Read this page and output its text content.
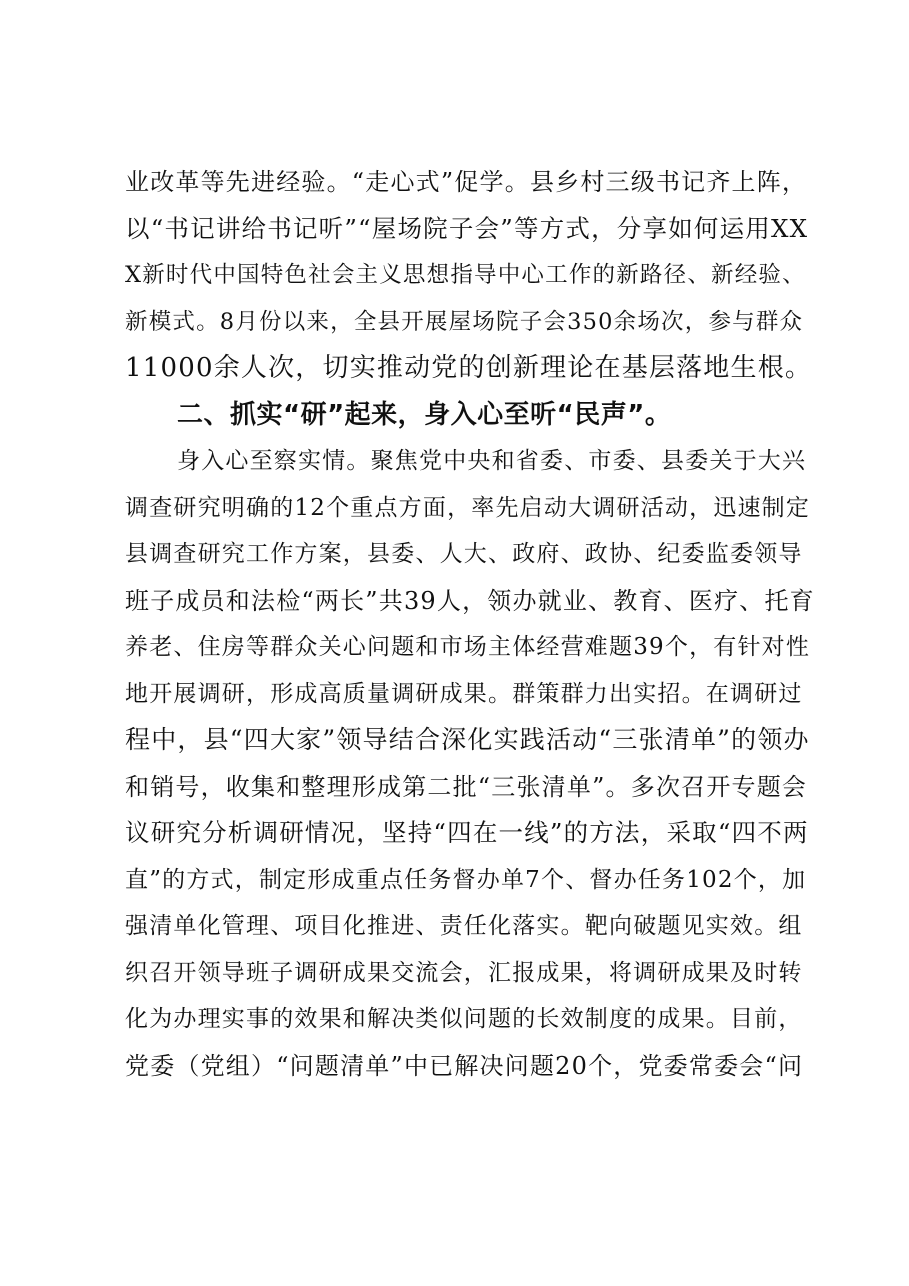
业改革等先进经验。“走心式”促学。县乡村三级书记齐上阵，
以“书记讲给书记听”“屋场院子会”等方式，分享如何运用XX
X新时代中国特色社会主义思想指导中心工作的新路径、新经验、
新模式。8月份以来，全县开展屋场院子会350余场次，参与群众
11000余人次，切实推动党的创新理论在基层落地生根。
二、抓实“研”起来，身入心至听“民声”。
身入心至察实情。聚焦党中央和省委、市委、县委关于大兴
调查研究明确的12个重点方面，率先启动大调研活动，迅速制定
县调查研究工作方案，县委、人大、政府、政协、纪委监委领导
班子成员和法检“两长”共39人，领办就业、教育、医疗、托育
养老、住房等群众关心问题和市场主体经营难题39个，有针对性
地开展调研，形成高质量调研成果。群策群力出实招。在调研过
程中，县“四大家”领导结合深化实践活动“三张清单”的领办
和销号，收集和整理形成第二批“三张清单”。多次召开专题会
议研究分析调研情况，坚持“四在一线”的方法，采取“四不两
直”的方式，制定形成重点任务督办单7个、督办任务102个，加
强清单化管理、项目化推进、责任化落实。靶向破题见实效。组
织召开领导班子调研成果交流会，汇报成果，将调研成果及时转
化为办理实事的效果和解决类似问题的长效制度的成果。目前，
党委（党组）“问题清单”中已解决问题20个，党委常委会“问
